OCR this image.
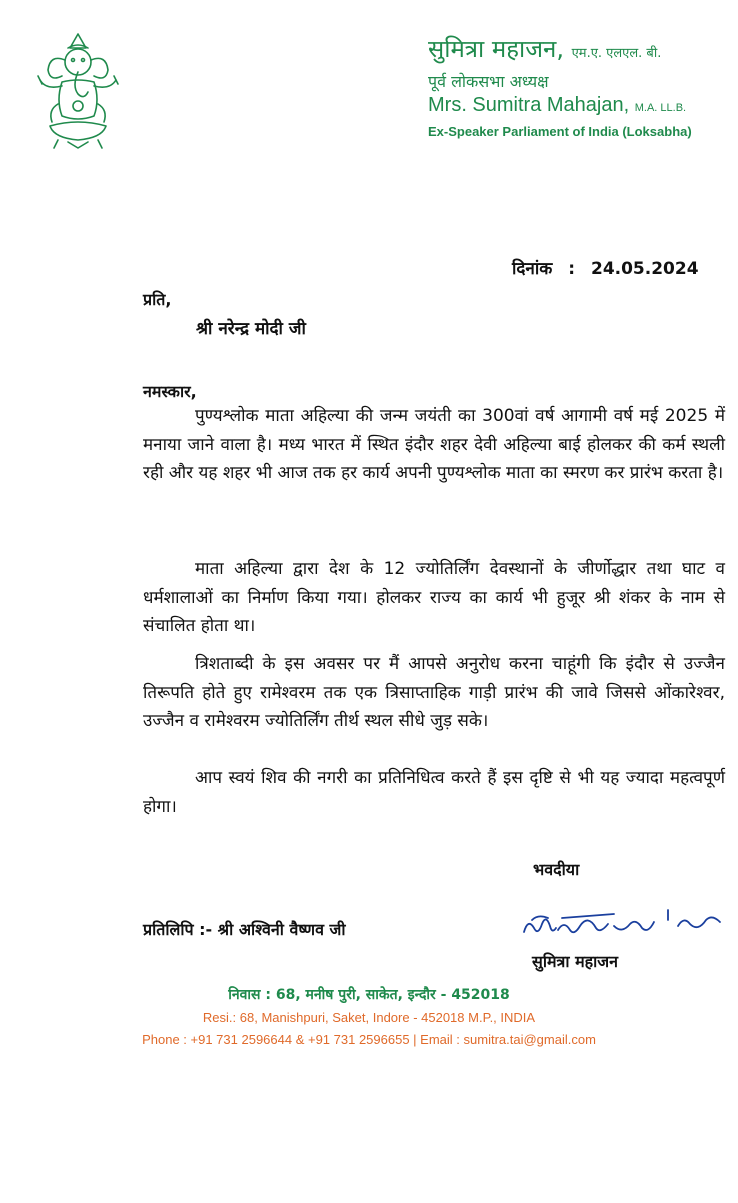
सुमित्रा महाजन, एम.ए. एलएल. बी.
पूर्व लोकसभा अध्यक्ष
Mrs. Sumitra Mahajan, M.A. LL.B.
Ex-Speaker Parliament of India (Loksabha)
दिनांक : 24.05.2024
प्रति,
श्री नरेन्द्र मोदी जी
नमस्कार,

पुण्यश्लोक माता अहिल्या की जन्म जयंती का 300वां वर्ष आगामी वर्ष मई 2025 में मनाया जाने वाला है। मध्य भारत में स्थित इंदौर शहर देवी अहिल्या बाई होलकर की कर्म स्थली रही और यह शहर भी आज तक हर कार्य अपनी पुण्यश्लोक माता का स्मरण कर प्रारंभ करता है।

माता अहिल्या द्वारा देश के 12 ज्योतिर्लिंग देवस्थानों के जीर्णोद्धार तथा घाट व धर्मशालाओं का निर्माण किया गया। होलकर राज्य का कार्य भी हुजूर श्री शंकर के नाम से संचालित होता था।

त्रिशताब्दी के इस अवसर पर मैं आपसे अनुरोध करना चाहूंगी कि इंदौर से उज्जैन तिरूपति होते हुए रामेश्वरम तक एक त्रिसाप्ताहिक गाड़ी प्रारंभ की जावे जिससे ओंकारेश्वर, उज्जैन व रामेश्वरम ज्योतिर्लिंग तीर्थ स्थल सीधे जुड़ सके।

आप स्वयं शिव की नगरी का प्रतिनिधित्व करते हैं इस दृष्टि से भी यह ज्यादा महत्वपूर्ण होगा।

भवदीया
प्रतिलिपि :- श्री अश्विनी वैष्णव जी
सुमित्रा महाजन
निवास : 68, मनीष पुरी, साकेत, इन्दौर - 452018
Resi.: 68, Manishpuri, Saket, Indore - 452018 M.P., INDIA
Phone : +91 731 2596644 & +91 731 2596655 | Email : sumitra.tai@gmail.com
